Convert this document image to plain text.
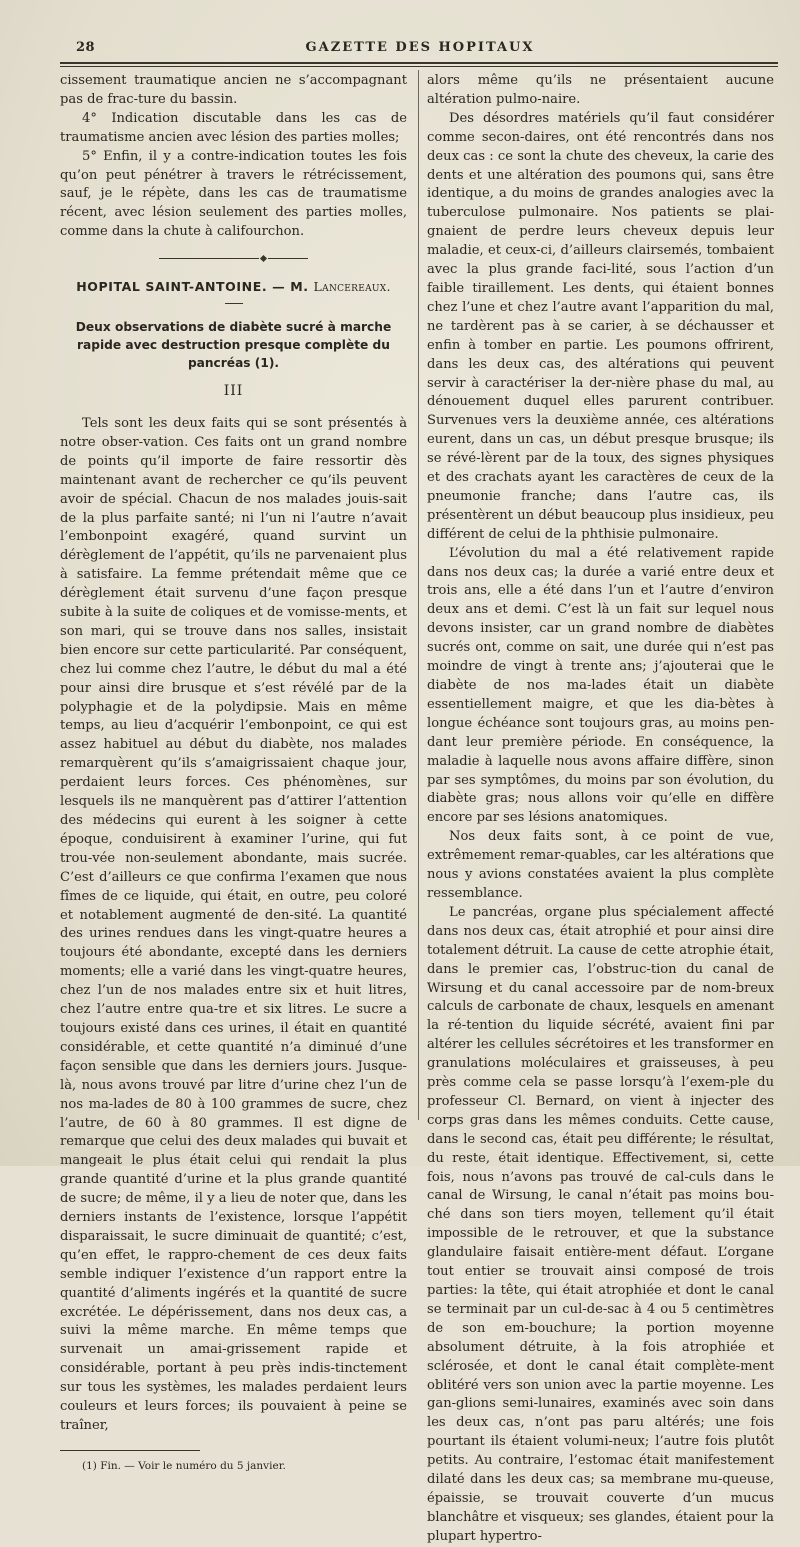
28	GAZETTE DES HOPITAUX

cissement traumatique ancien ne s’accompagnant pas de frac-ture du bassin.

4° Indication discutable dans les cas de traumatisme ancien avec lésion des parties molles;

5° Enfin, il y a contre-indication toutes les fois qu’on peut pénétrer à travers le rétrécissement, sauf, je le répète, dans les cas de traumatisme récent, avec lésion seulement des parties molles, comme dans la chute à califourchon.

HOPITAL SAINT-ANTOINE. — M. Lancereaux.
Deux observations de diabète sucré à marche rapide avec destruction presque complète du pancréas (1).
III

Tels sont les deux faits qui se sont présentés à notre obser-vation. Ces faits ont un grand nombre de points qu’il importe de faire ressortir dès maintenant avant de rechercher ce qu’ils peuvent avoir de spécial. Chacun de nos malades jouis-sait de la plus parfaite santé; ni l’un ni l’autre n’avait l’embonpoint exagéré, quand survint un dérèglement de l’appétit, qu’ils ne parvenaient plus à satisfaire. La femme prétendait même que ce dérèglement était survenu d’une façon presque subite à la suite de coliques et de vomisse-ments, et son mari, qui se trouve dans nos salles, insistait bien encore sur cette particularité. Par conséquent, chez lui comme chez l’autre, le début du mal a été pour ainsi dire brusque et s’est révélé par de la polyphagie et de la polydipsie. Mais en même temps, au lieu d’acquérir l’embonpoint, ce qui est assez habituel au début du diabète, nos malades remarquèrent qu’ils s’amaigrissaient chaque jour, perdaient leurs forces. Ces phénomènes, sur lesquels ils ne manquèrent pas d’attirer l’attention des médecins qui eurent à les soigner à cette époque, conduisirent à examiner l’urine, qui fut trou-vée non-seulement abondante, mais sucrée. C’est d’ailleurs ce que confirma l’examen que nous fîmes de ce liquide, qui était, en outre, peu coloré et notablement augmenté de den-sité. La quantité des urines rendues dans les vingt-quatre heures a toujours été abondante, excepté dans les derniers moments; elle a varié dans les vingt-quatre heures, chez l’un de nos malades entre six et huit litres, chez l’autre entre qua-tre et six litres. Le sucre a toujours existé dans ces urines, il était en quantité considérable, et cette quantité n’a diminué d’une façon sensible que dans les derniers jours. Jusque-là, nous avons trouvé par litre d’urine chez l’un de nos ma-lades de 80 à 100 grammes de sucre, chez l’autre, de 60 à 80 grammes. Il est digne de remarque que celui des deux malades qui buvait et mangeait le plus était celui qui rendait la plus grande quantité d’urine et la plus grande quantité de sucre; de même, il y a lieu de noter que, dans les derniers instants de l’existence, lorsque l’appétit disparaissait, le sucre diminuait de quantité; c’est, qu’en effet, le rappro-chement de ces deux faits semble indiquer l’existence d’un rapport entre la quantité d’aliments ingérés et la quantité de sucre excrétée. Le dépérissement, dans nos deux cas, a suivi la même marche. En même temps que survenait un amai-grissement rapide et considérable, portant à peu près indis-tinctement sur tous les systèmes, les malades perdaient leurs couleurs et leurs forces; ils pouvaient à peine se traîner,

(1) Fin. — Voir le numéro du 5 janvier.

alors même qu’ils ne présentaient aucune altération pulmo-naire.

Des désordres matériels qu’il faut considérer comme secon-daires, ont été rencontrés dans nos deux cas : ce sont la chute des cheveux, la carie des dents et une altération des poumons qui, sans être identique, a du moins de grandes analogies avec la tuberculose pulmonaire. Nos patients se plai-gnaient de perdre leurs cheveux depuis leur maladie, et ceux-ci, d’ailleurs clairsemés, tombaient avec la plus grande faci-lité, sous l’action d’un faible tiraillement. Les dents, qui étaient bonnes chez l’une et chez l’autre avant l’apparition du mal, ne tardèrent pas à se carier, à se déchausser et enfin à tomber en partie. Les poumons offrirent, dans les deux cas, des altérations qui peuvent servir à caractériser la der-nière phase du mal, au dénouement duquel elles parurent contribuer. Survenues vers la deuxième année, ces altérations eurent, dans un cas, un début presque brusque; ils se révé-lèrent par de la toux, des signes physiques et des crachats ayant les caractères de ceux de la pneumonie franche; dans l’autre cas, ils présentèrent un début beaucoup plus insidieux, peu différent de celui de la phthisie pulmonaire.

L’évolution du mal a été relativement rapide dans nos deux cas; la durée a varié entre deux et trois ans, elle a été dans l’un et l’autre d’environ deux ans et demi. C’est là un fait sur lequel nous devons insister, car un grand nombre de diabètes sucrés ont, comme on sait, une durée qui n’est pas moindre de vingt à trente ans; j’ajouterai que le diabète de nos ma-lades était un diabète essentiellement maigre, et que les dia-bètes à longue échéance sont toujours gras, au moins pen-dant leur première période. En conséquence, la maladie à laquelle nous avons affaire diffère, sinon par ses symptômes, du moins par son évolution, du diabète gras; nous allons voir qu’elle en diffère encore par ses lésions anatomiques.

Nos deux faits sont, à ce point de vue, extrêmement remar-quables, car les altérations que nous y avions constatées avaient la plus complète ressemblance.

Le pancréas, organe plus spécialement affecté dans nos deux cas, était atrophié et pour ainsi dire totalement détruit. La cause de cette atrophie était, dans le premier cas, l’obstruc-tion du canal de Wirsung et du canal accessoire par de nom-breux calculs de carbonate de chaux, lesquels en amenant la ré-tention du liquide sécrété, avaient fini par altérer les cellules sécrétoires et les transformer en granulations moléculaires et graisseuses, à peu près comme cela se passe lorsqu’à l’exem-ple du professeur Cl. Bernard, on vient à injecter des corps gras dans les mêmes conduits. Cette cause, dans le second cas, était peu différente; le résultat, du reste, était identique. Effectivement, si, cette fois, nous n’avons pas trouvé de cal-culs dans le canal de Wirsung, le canal n’était pas moins bou-ché dans son tiers moyen, tellement qu’il était impossible de le retrouver, et que la substance glandulaire faisait entière-ment défaut. L’organe tout entier se trouvait ainsi composé de trois parties: la tête, qui était atrophiée et dont le canal se terminait par un cul-de-sac à 4 ou 5 centimètres de son em-bouchure; la portion moyenne absolument détruite, à la fois atrophiée et sclérosée, et dont le canal était complète-ment oblitéré vers son union avec la partie moyenne. Les gan-glions semi-lunaires, examinés avec soin dans les deux cas, n’ont pas paru altérés; une fois pourtant ils étaient volumi-neux; l’autre fois plutôt petits. Au contraire, l’estomac était manifestement dilaté dans les deux cas; sa membrane mu-queuse, épaissie, se trouvait couverte d’un mucus blanchâtre et visqueux; ses glandes, étaient pour la plupart hypertro-
